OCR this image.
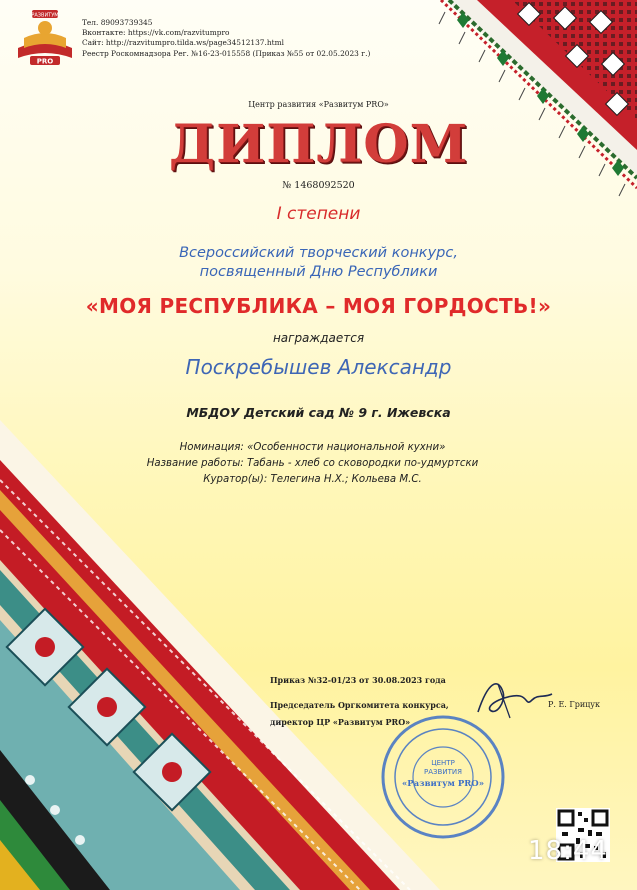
РАЗВИТУМ
PRO
Тел. 89093739345
Вконтакте: https://vk.com/razvitumpro
Сайт: http://razvitumpro.tilda.ws/page34512137.html
Реестр Роскомнадзора Рег. №16-23-015558 (Приказ №55 от 02.05.2023 г.)
Центр развития «Развитум PRO»
ДИПЛОМ
№ 1468092520
I степени
Всероссийский творческий конкурс,
посвященный Дню Республики
«МОЯ РЕСПУБЛИКА – МОЯ ГОРДОСТЬ!»
награждается
Поскребышев Александр
МБДОУ Детский сад № 9 г. Ижевска
Номинация: «Особенности национальной кухни»
Название работы: Табань - хлеб со сковородки по-удмуртски
Куратор(ы): Телегина Н.Х.; Кольева М.С.
Приказ №32-01/23 от 30.08.2023 года
Председатель Оргкомитета конкурса,
директор ЦР «Развитум PRO»
Р. Е. Грицук
ЦЕНТР
РАЗВИТИЯ
«Развитум PRO»
18:44
